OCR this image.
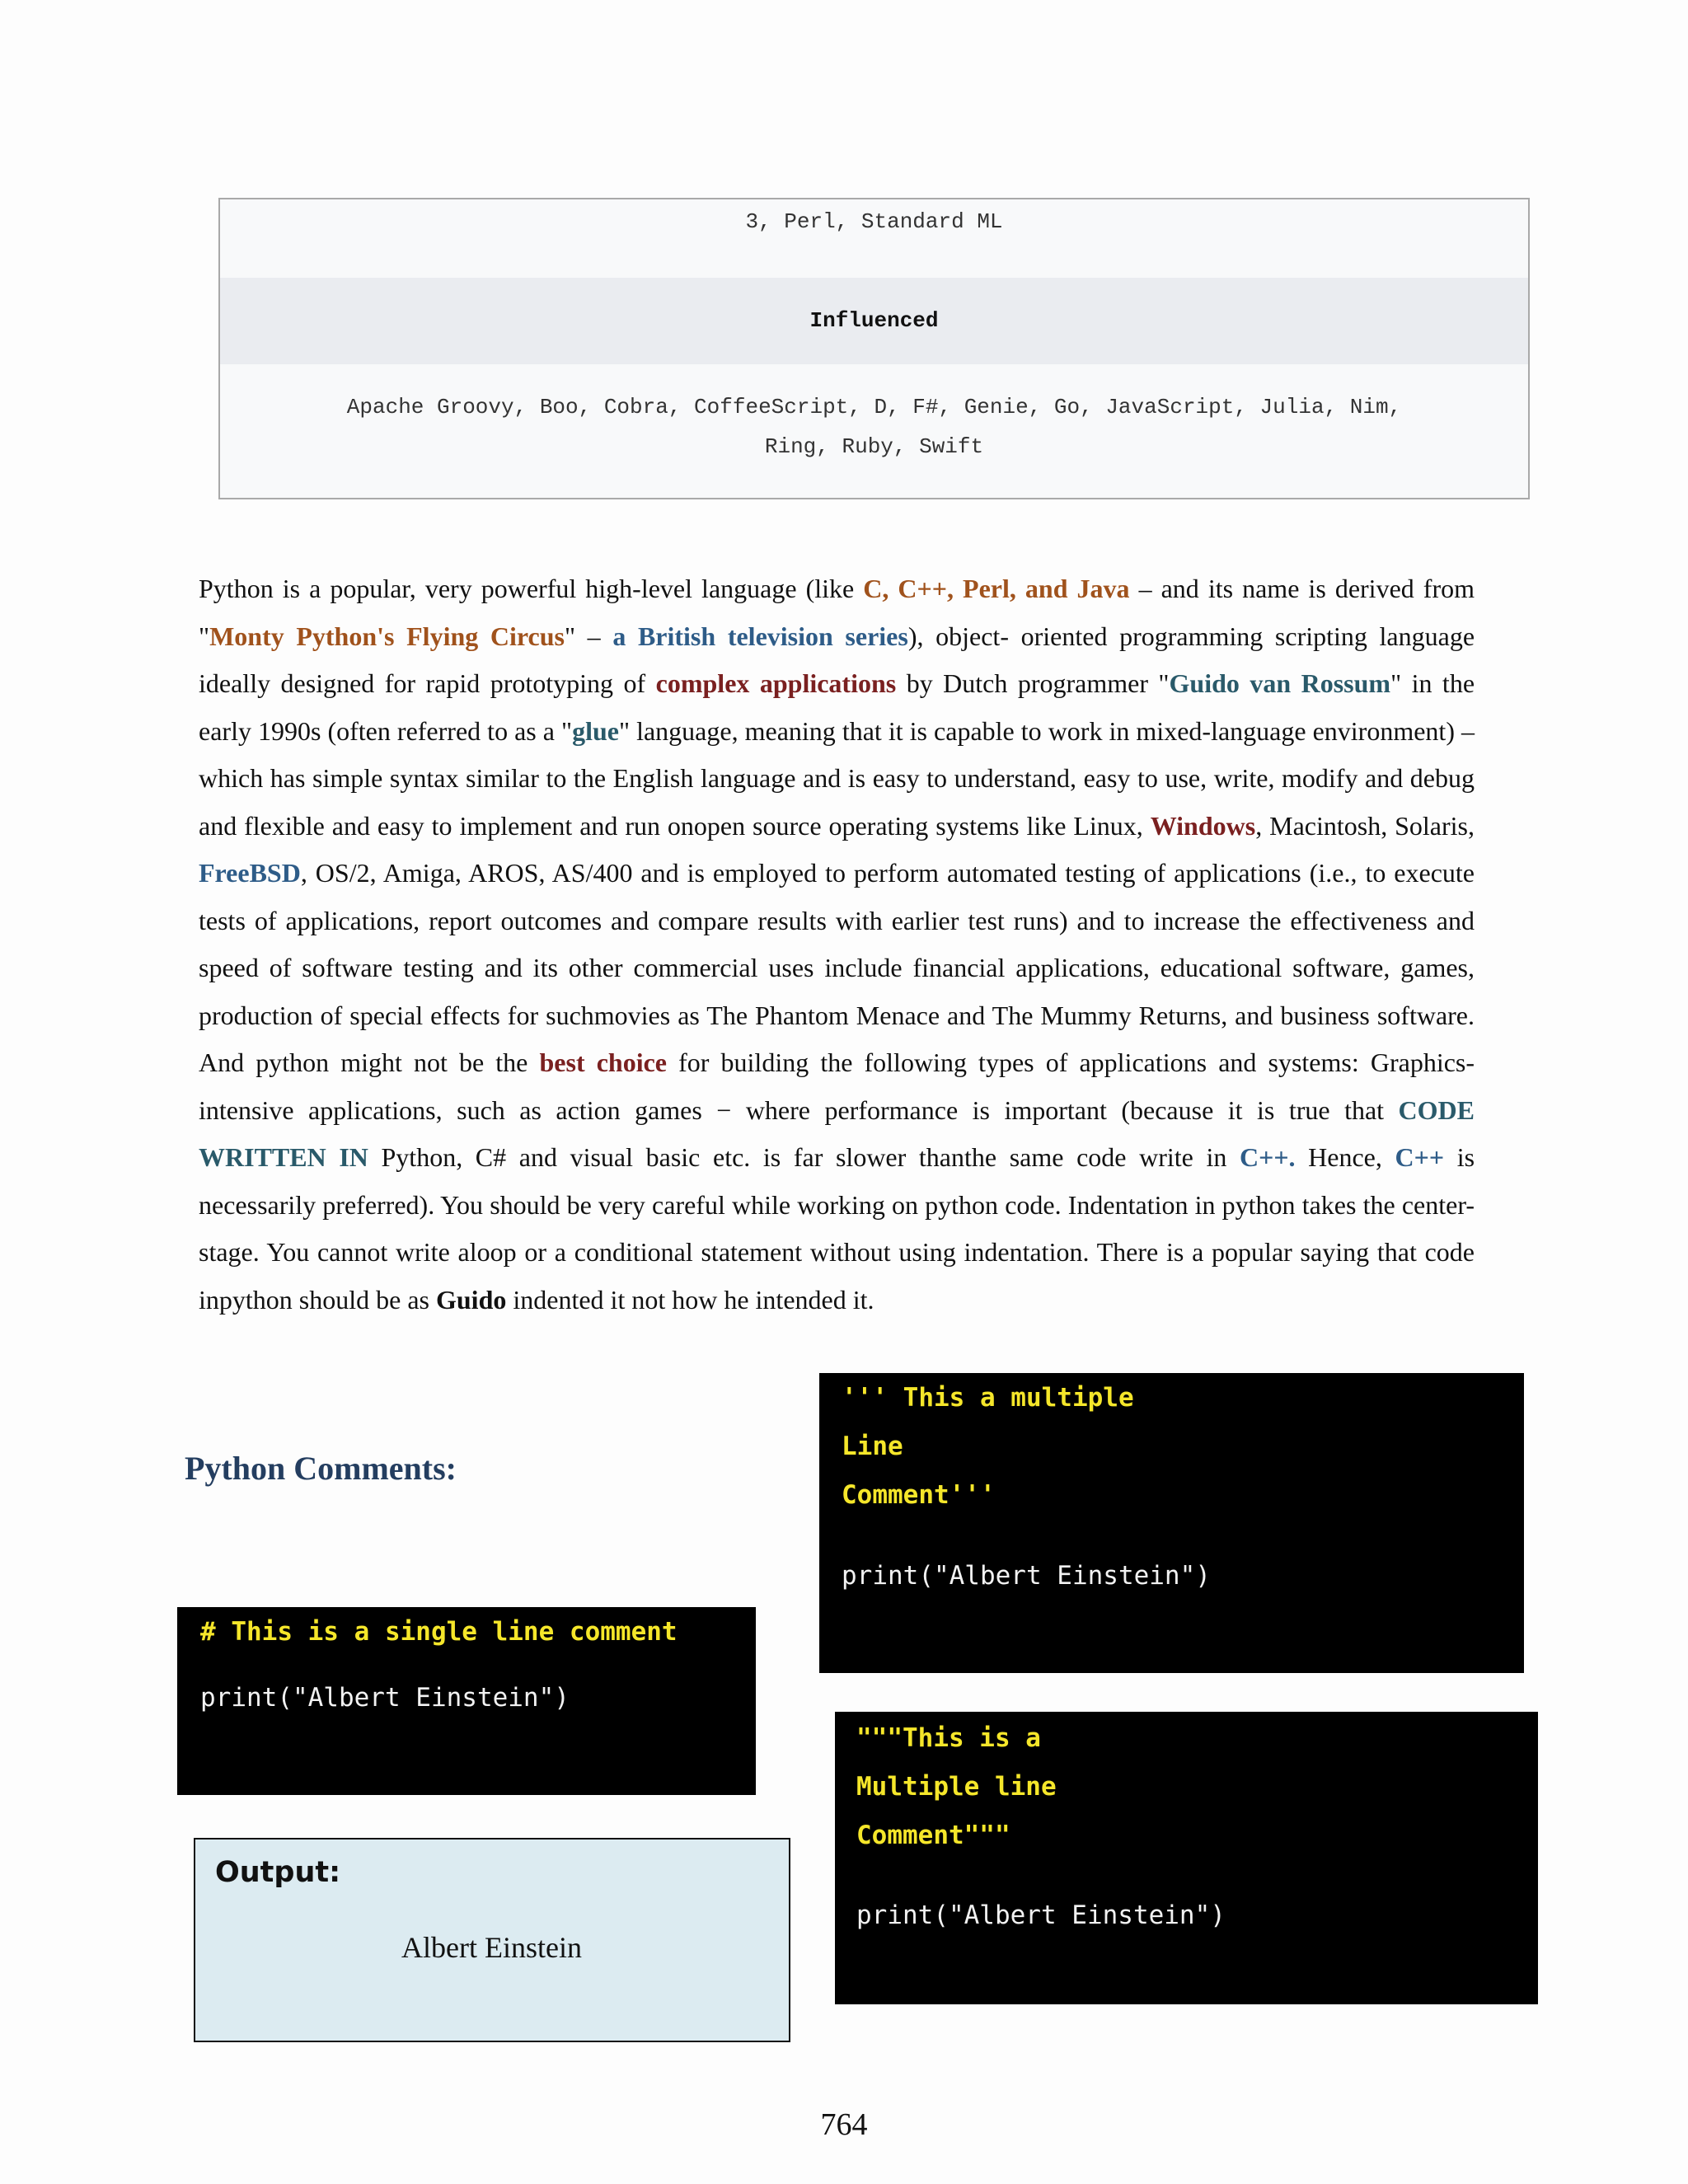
3, Perl, Standard ML
Influenced
Apache Groovy, Boo, Cobra, CoffeeScript, D, F#, Genie, Go, JavaScript, Julia, Nim,
Ring, Ruby, Swift
Python is a popular, very powerful high-level language (like C, C++, Perl, and Java – and its name is derived from "Monty Python's Flying Circus" – a British television series), object- oriented programming scripting language ideally designed for rapid prototyping of complex applications by Dutch programmer "Guido van Rossum" in the early 1990s (often referred to as a "glue" language, meaning that it is capable to work in mixed-language environment) – which has simple syntax similar to the English language and is easy to understand, easy to use, write, modify and debug and flexible and easy to implement and run onopen source operating systems like Linux, Windows, Macintosh, Solaris, FreeBSD, OS/2, Amiga, AROS, AS/400 and is employed to perform automated testing of applications (i.e., to execute tests of applications, report outcomes and compare results with earlier test runs) and to increase the effectiveness and speed of software testing and its other commercial uses include financial applications, educational software, games, production of special effects for suchmovies as The Phantom Menace and The Mummy Returns, and business software. And python might not be the best choice for building the following types of applications and systems: Graphics-intensive applications, such as action games − where performance is important (because it is true that CODE WRITTEN IN Python, C# and visual basic etc. is far slower thanthe same code write in C++. Hence, C++ is necessarily preferred). You should be very careful while working on python code. Indentation in python takes the center-stage. You cannot write aloop or a conditional statement without using indentation. There is a popular saying that code inpython should be as Guido indented it not how he intended it.
Python Comments:
# This is a single line comment
print("Albert Einstein")
''' This a multiple
Line
Comment'''
print("Albert Einstein")
"""This is a
Multiple line
Comment"""
print("Albert Einstein")
Output:
Albert Einstein
764
